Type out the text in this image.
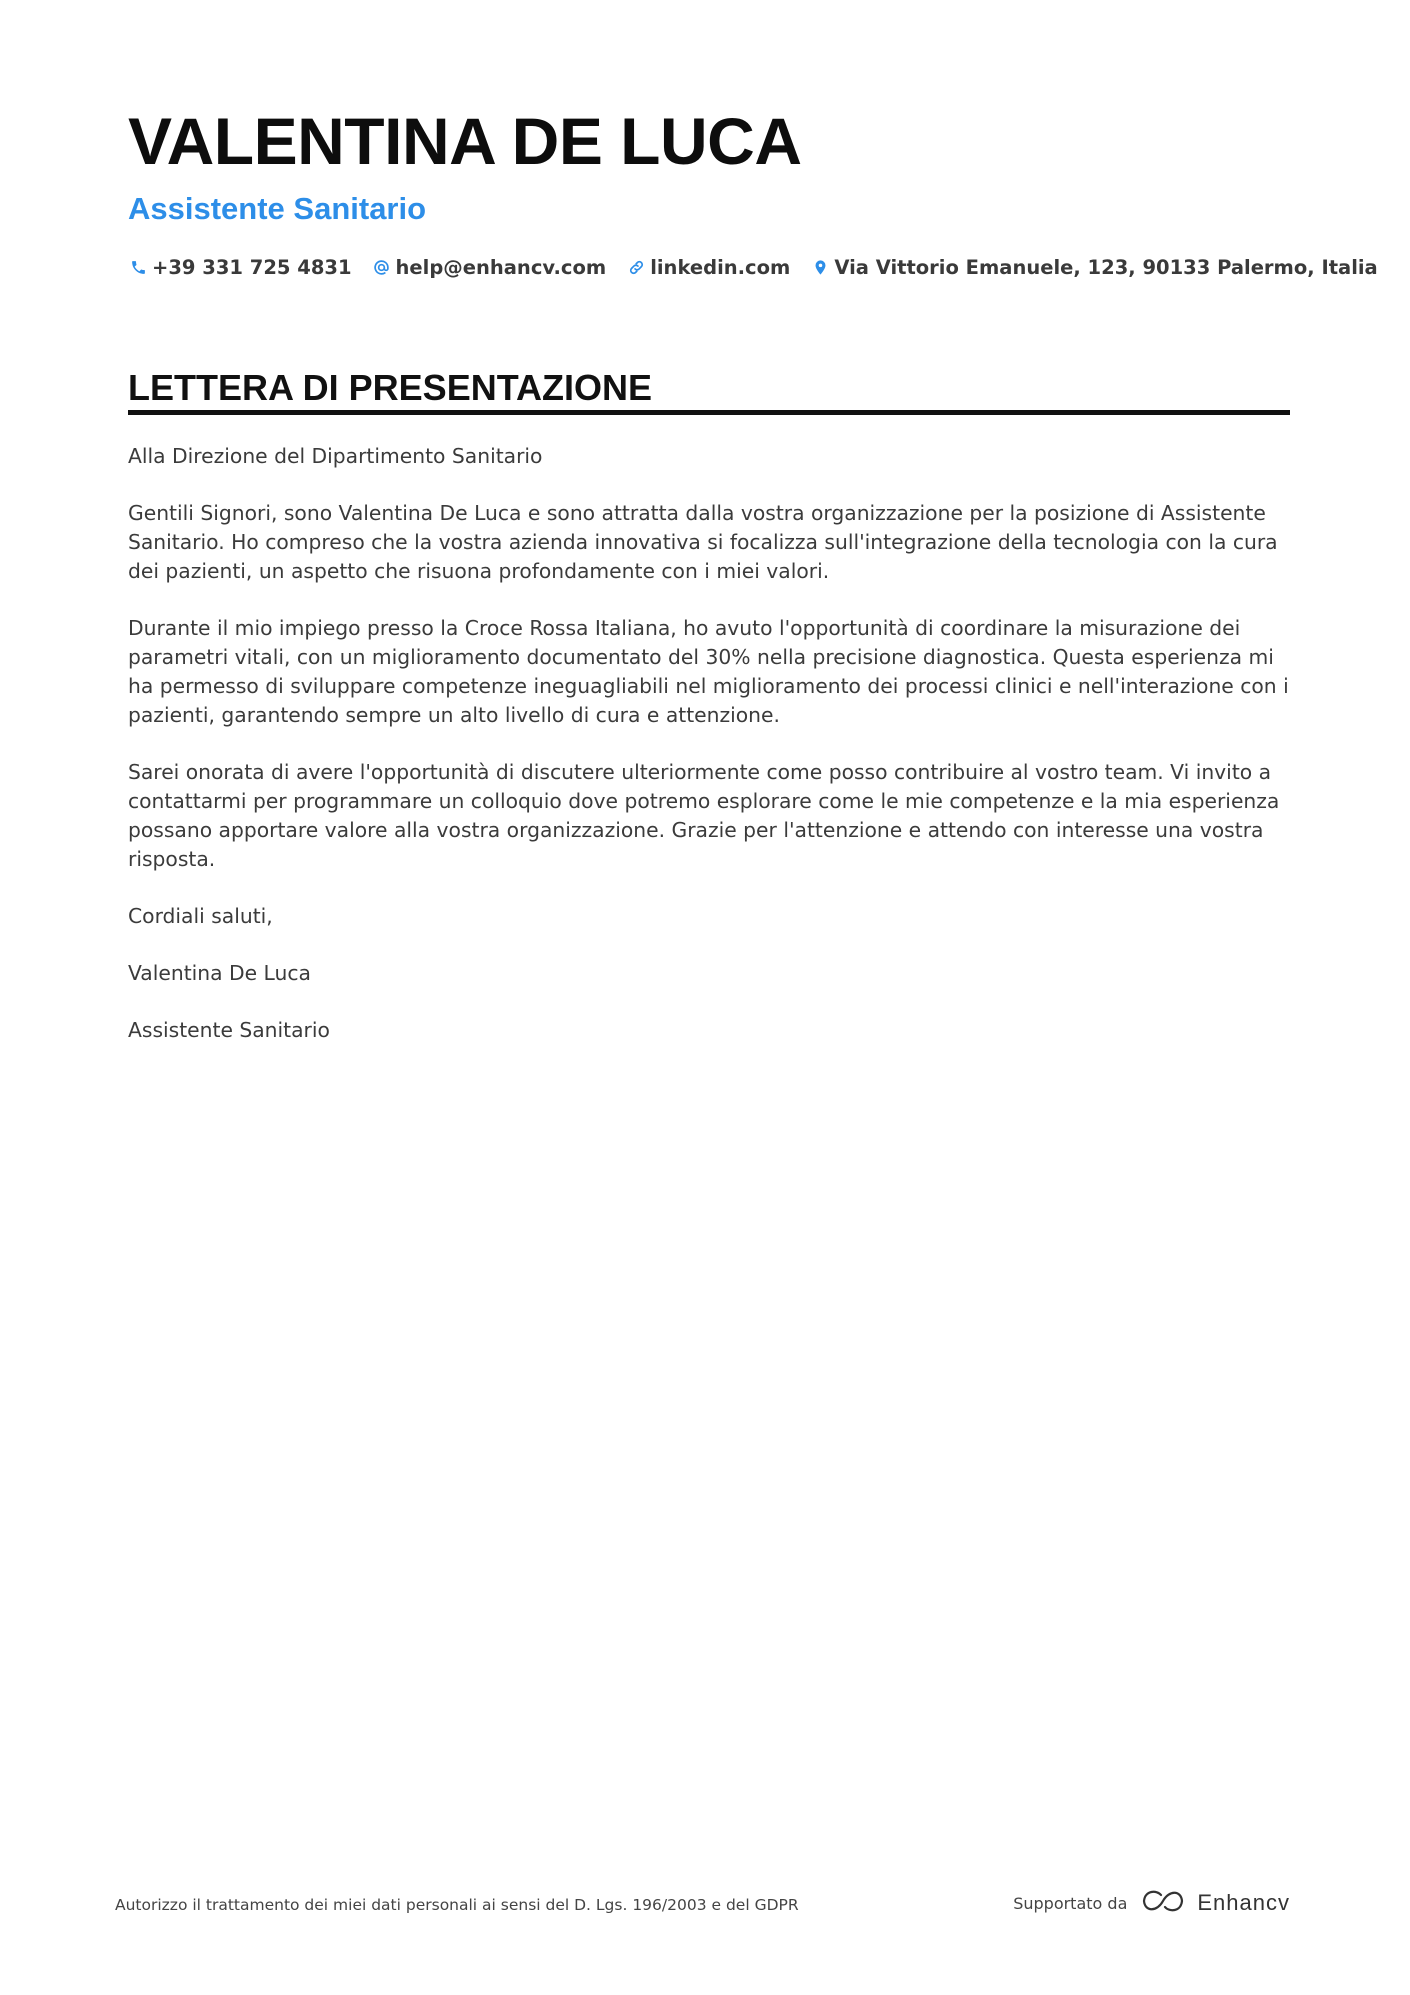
VALENTINA DE LUCA
Assistente Sanitario
+39 331 725 4831 help@enhancv.com linkedin.com Via Vittorio Emanuele, 123, 90133 Palermo, Italia
LETTERA DI PRESENTAZIONE

Alla Direzione del Dipartimento Sanitario

Gentili Signori, sono Valentina De Luca e sono attratta dalla vostra organizzazione per la posizione di Assistente Sanitario. Ho compreso che la vostra azienda innovativa si focalizza sull'integrazione della tecnologia con la cura dei pazienti, un aspetto che risuona profondamente con i miei valori.

Durante il mio impiego presso la Croce Rossa Italiana, ho avuto l'opportunità di coordinare la misurazione dei parametri vitali, con un miglioramento documentato del 30% nella precisione diagnostica. Questa esperienza mi ha permesso di sviluppare competenze ineguagliabili nel miglioramento dei processi clinici e nell'interazione con i pazienti, garantendo sempre un alto livello di cura e attenzione.

Sarei onorata di avere l'opportunità di discutere ulteriormente come posso contribuire al vostro team. Vi invito a contattarmi per programmare un colloquio dove potremo esplorare come le mie competenze e la mia esperienza possano apportare valore alla vostra organizzazione. Grazie per l'attenzione e attendo con interesse una vostra risposta.

Cordiali saluti,

Valentina De Luca

Assistente Sanitario

Autorizzo il trattamento dei miei dati personali ai sensi del D. Lgs. 196/2003 e del GDPR	Supportato da	Enhancv
